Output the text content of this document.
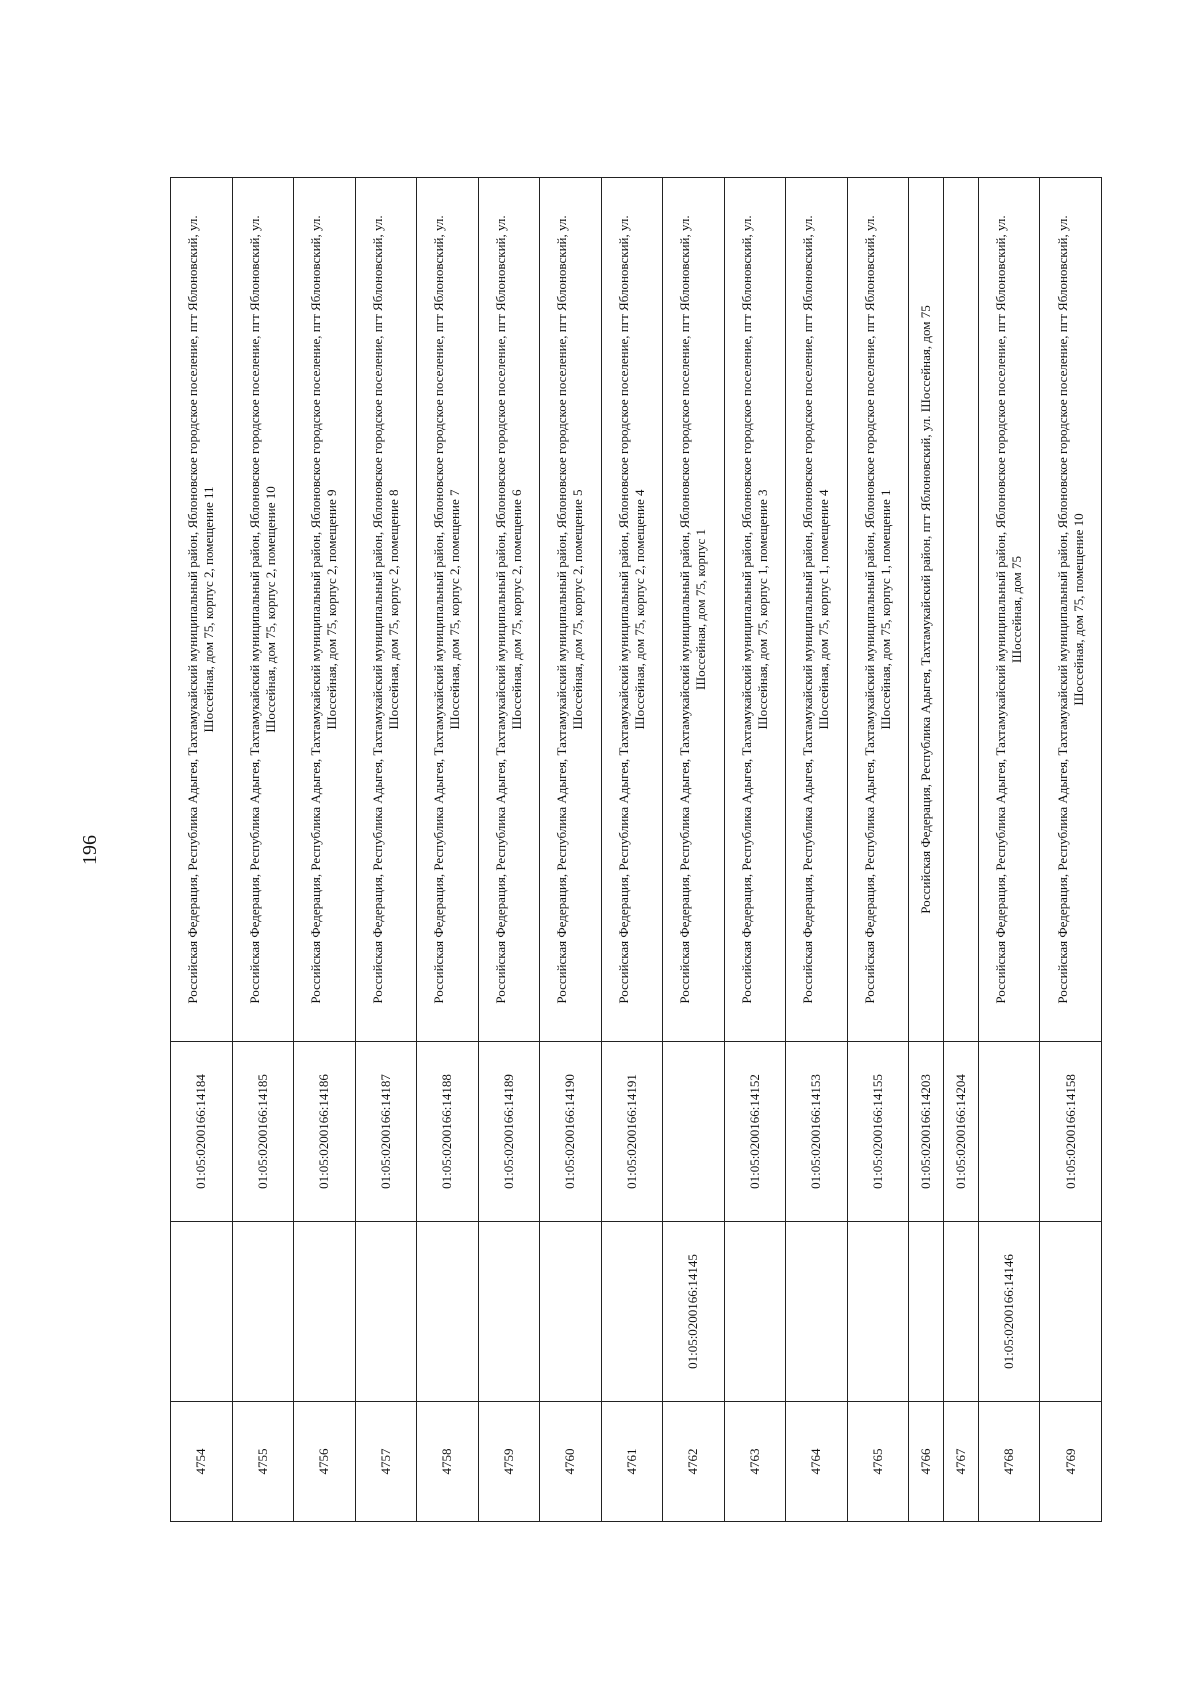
196
4754		01:05:0200166:14184	Российская Федерация, Республика Адыгея, Тахтамукайский муниципальный район, Яблоновское городское поселение, пгт Яблоновский, ул. Шоссейная, дом 75, корпус 2, помещение 11
4755		01:05:0200166:14185	Российская Федерация, Республика Адыгея, Тахтамукайский муниципальный район, Яблоновское городское поселение, пгт Яблоновский, ул. Шоссейная, дом 75, корпус 2, помещение 10
4756		01:05:0200166:14186	Российская Федерация, Республика Адыгея, Тахтамукайский муниципальный район, Яблоновское городское поселение, пгт Яблоновский, ул. Шоссейная, дом 75, корпус 2, помещение 9
4757		01:05:0200166:14187	Российская Федерация, Республика Адыгея, Тахтамукайский муниципальный район, Яблоновское городское поселение, пгт Яблоновский, ул. Шоссейная, дом 75, корпус 2, помещение 8
4758		01:05:0200166:14188	Российская Федерация, Республика Адыгея, Тахтамукайский муниципальный район, Яблоновское городское поселение, пгт Яблоновский, ул. Шоссейная, дом 75, корпус 2, помещение 7
4759		01:05:0200166:14189	Российская Федерация, Республика Адыгея, Тахтамукайский муниципальный район, Яблоновское городское поселение, пгт Яблоновский, ул. Шоссейная, дом 75, корпус 2, помещение 6
4760		01:05:0200166:14190	Российская Федерация, Республика Адыгея, Тахтамукайский муниципальный район, Яблоновское городское поселение, пгт Яблоновский, ул. Шоссейная, дом 75, корпус 2, помещение 5
4761		01:05:0200166:14191	Российская Федерация, Республика Адыгея, Тахтамукайский муниципальный район, Яблоновское городское поселение, пгт Яблоновский, ул. Шоссейная, дом 75, корпус 2, помещение 4
4762	01:05:0200166:14145		Российская Федерация, Республика Адыгея, Тахтамукайский муниципальный район, Яблоновское городское поселение, пгт Яблоновский, ул. Шоссейная, дом 75, корпус 1
4763		01:05:0200166:14152	Российская Федерация, Республика Адыгея, Тахтамукайский муниципальный район, Яблоновское городское поселение, пгт Яблоновский, ул. Шоссейная, дом 75, корпус 1, помещение 3
4764		01:05:0200166:14153	Российская Федерация, Республика Адыгея, Тахтамукайский муниципальный район, Яблоновское городское поселение, пгт Яблоновский, ул. Шоссейная, дом 75, корпус 1, помещение 4
4765		01:05:0200166:14155	Российская Федерация, Республика Адыгея, Тахтамукайский муниципальный район, Яблоновское городское поселение, пгт Яблоновский, ул. Шоссейная, дом 75, корпус 1, помещение 1
4766		01:05:0200166:14203	Российская Федерация, Республика Адыгея, Тахтамукайский район, пгт Яблоновский, ул. Шоссейная, дом 75
4767		01:05:0200166:14204	
4768	01:05:0200166:14146		Российская Федерация, Республика Адыгея, Тахтамукайский муниципальный район, Яблоновское городское поселение, пгт Яблоновский, ул. Шоссейная, дом 75
4769		01:05:0200166:14158	Российская Федерация, Республика Адыгея, Тахтамукайский муниципальный район, Яблоновское городское поселение, пгт Яблоновский, ул. Шоссейная, дом 75, помещение 10
